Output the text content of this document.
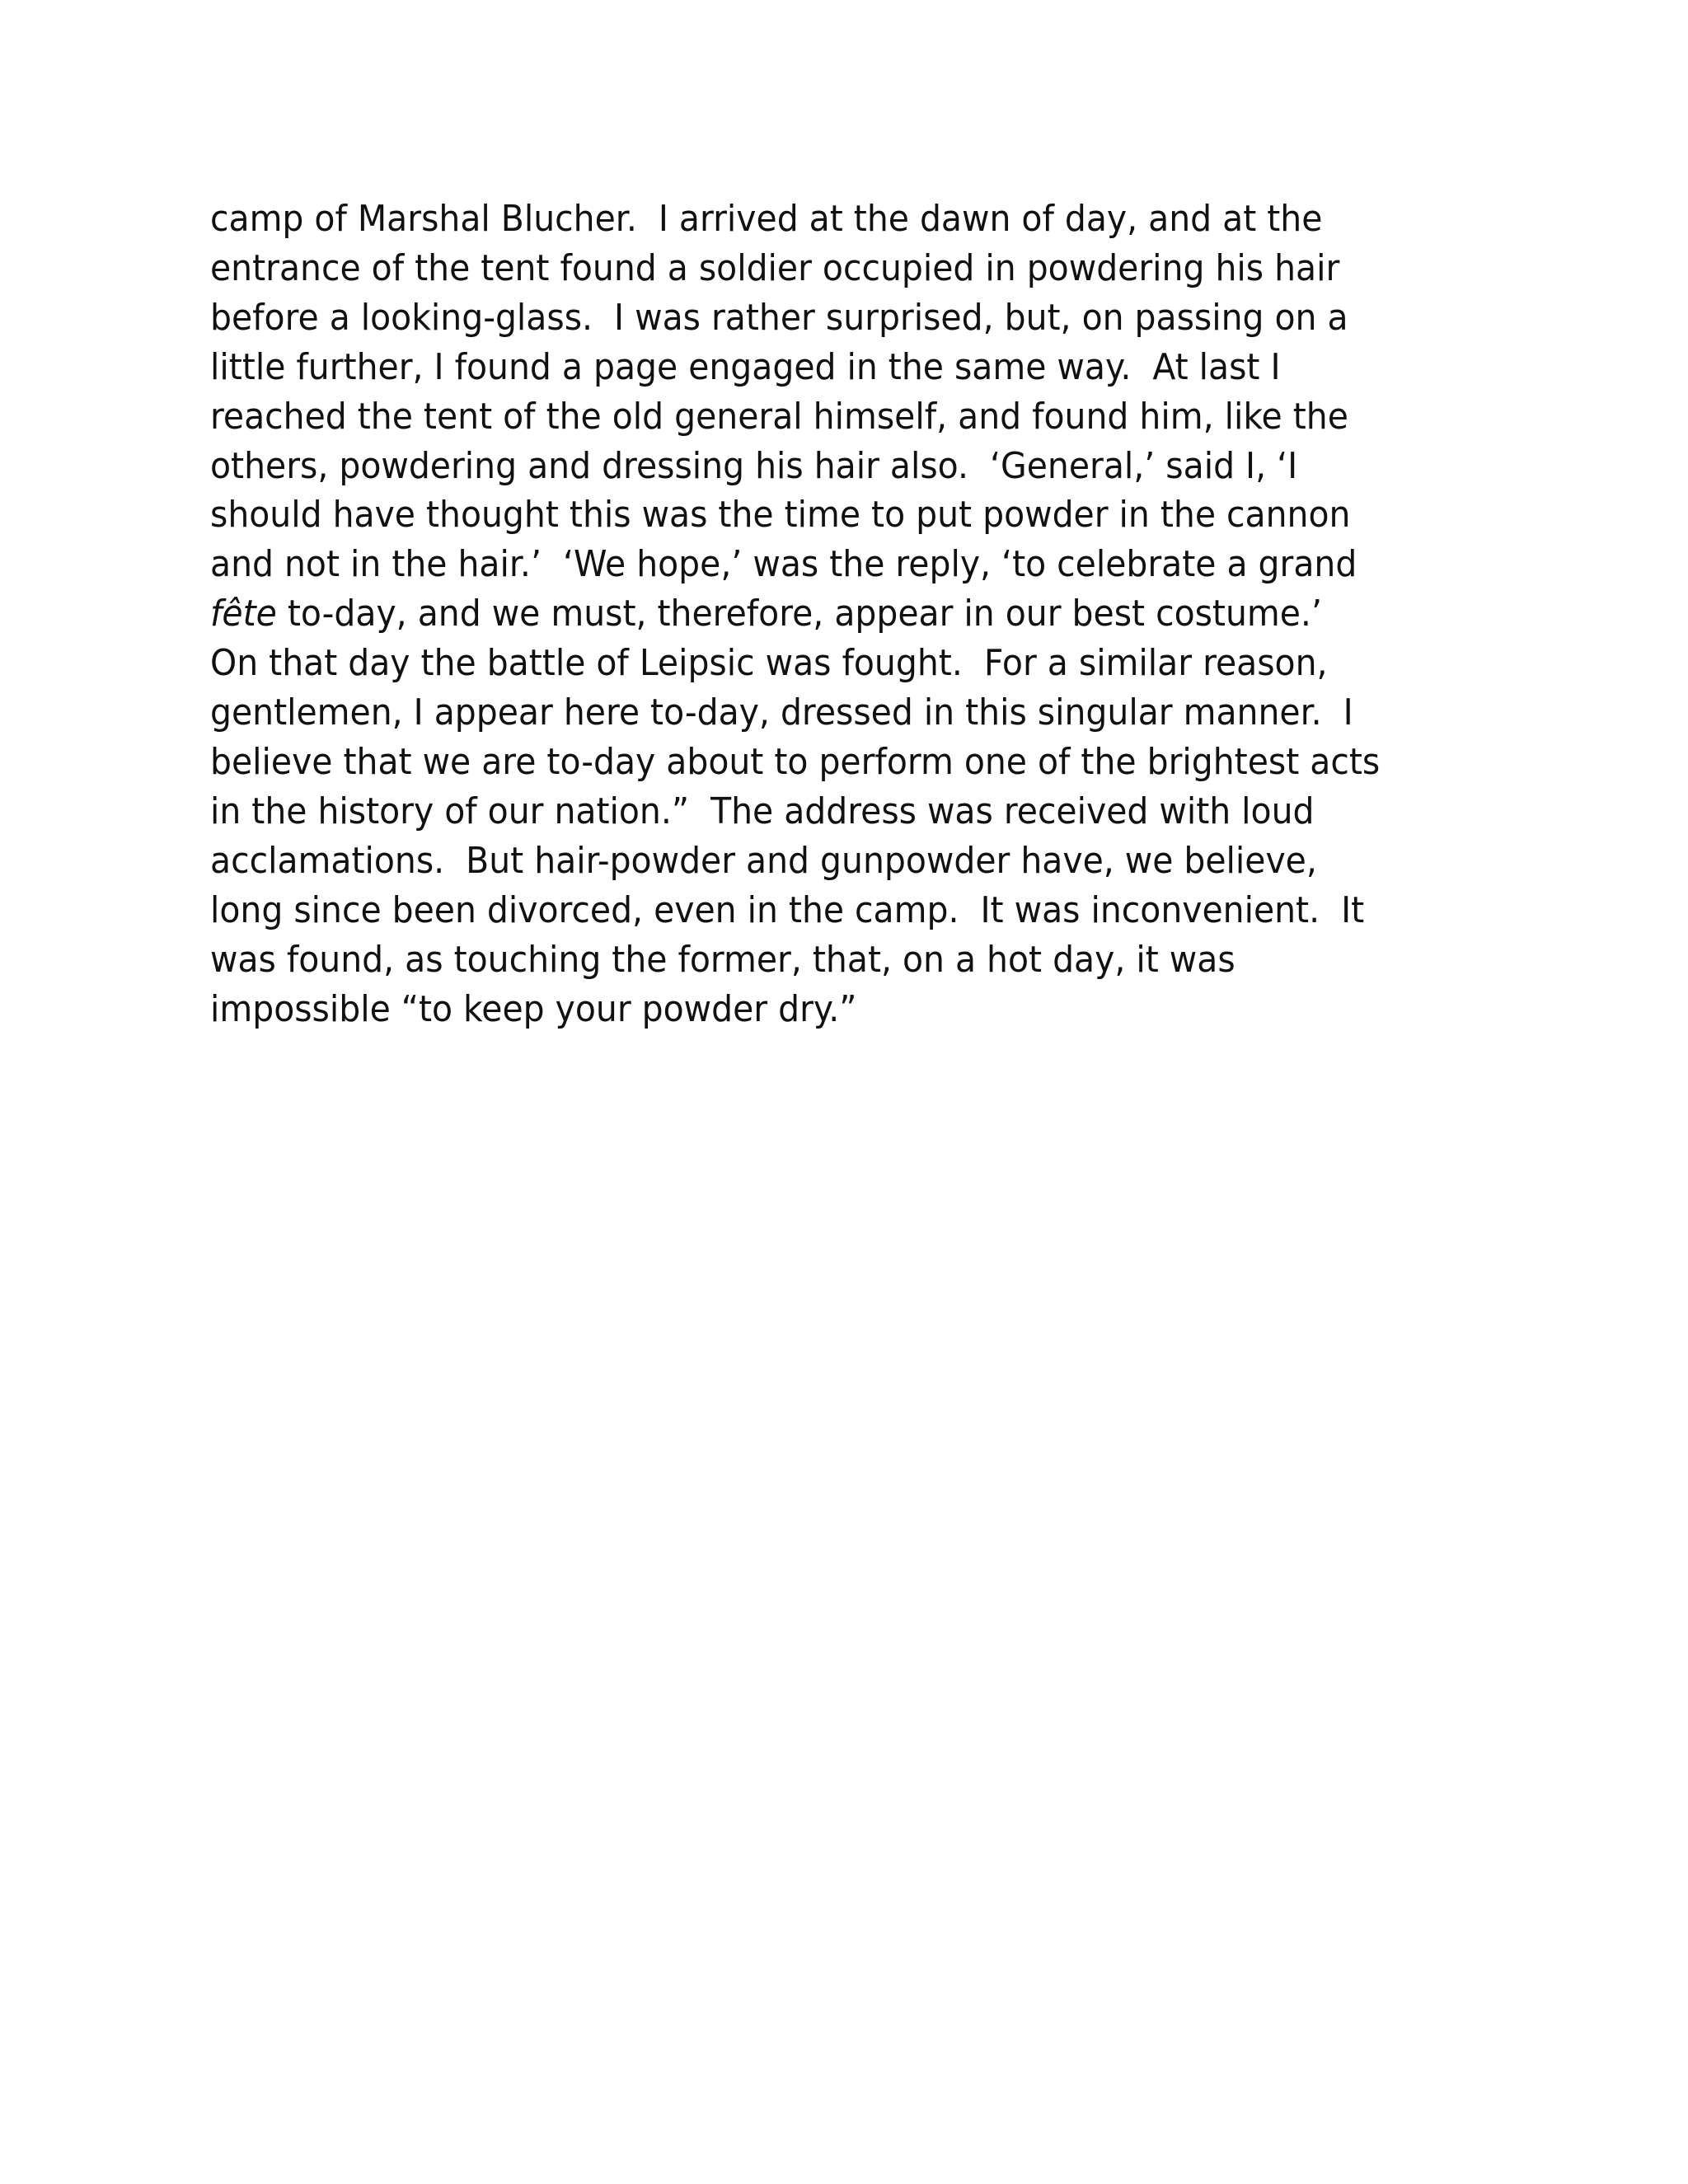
camp of Marshal Blucher.  I arrived at the dawn of day, and at the
entrance of the tent found a soldier occupied in powdering his hair
before a looking-glass.  I was rather surprised, but, on passing on a
little further, I found a page engaged in the same way.  At last I
reached the tent of the old general himself, and found him, like the
others, powdering and dressing his hair also.  ‘General,’ said I, ‘I
should have thought this was the time to put powder in the cannon
and not in the hair.’  ‘We hope,’ was the reply, ‘to celebrate a grand
fête to-day, and we must, therefore, appear in our best costume.’
On that day the battle of Leipsic was fought.  For a similar reason,
gentlemen, I appear here to-day, dressed in this singular manner.  I
believe that we are to-day about to perform one of the brightest acts
in the history of our nation.”  The address was received with loud
acclamations.  But hair-powder and gunpowder have, we believe,
long since been divorced, even in the camp.  It was inconvenient.  It
was found, as touching the former, that, on a hot day, it was
impossible “to keep your powder dry.”
